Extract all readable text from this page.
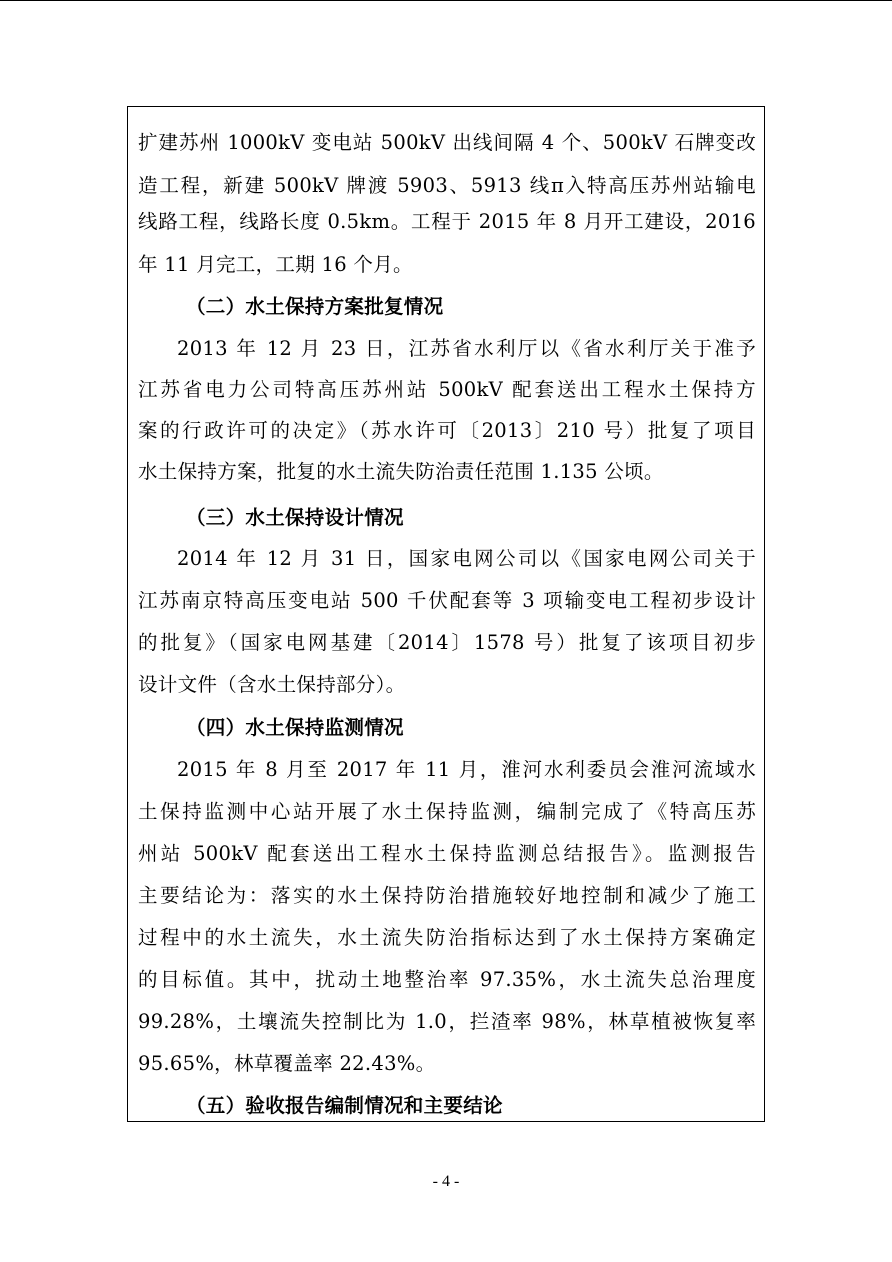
扩建苏州 1000kV 变电站 500kV 出线间隔 4 个、500kV 石牌变改
造工程，新建 500kV 牌渡 5903、5913 线π入特高压苏州站输电
线路工程，线路长度 0.5km。工程于 2015 年 8 月开工建设，2016
年 11 月完工，工期 16 个月。
（二）水土保持方案批复情况
2013 年 12 月 23 日，江苏省水利厅以《省水利厅关于准予
江苏省电力公司特高压苏州站 500kV 配套送出工程水土保持方
案的行政许可的决定》（苏水许可〔2013〕210 号）批复了项目
水土保持方案，批复的水土流失防治责任范围 1.135 公顷。
（三）水土保持设计情况
2014 年 12 月 31 日，国家电网公司以《国家电网公司关于
江苏南京特高压变电站 500 千伏配套等 3 项输变电工程初步设计
的批复》（国家电网基建〔2014〕1578 号）批复了该项目初步
设计文件（含水土保持部分）。
（四）水土保持监测情况
2015 年 8 月至 2017 年 11 月，淮河水利委员会淮河流域水
土保持监测中心站开展了水土保持监测，编制完成了《特高压苏
州站 500kV 配套送出工程水土保持监测总结报告》。监测报告
主要结论为：落实的水土保持防治措施较好地控制和减少了施工
过程中的水土流失，水土流失防治指标达到了水土保持方案确定
的目标值。其中，扰动土地整治率 97.35%，水土流失总治理度
99.28%，土壤流失控制比为 1.0，拦渣率 98%，林草植被恢复率
95.65%，林草覆盖率 22.43%。
（五）验收报告编制情况和主要结论
- 4 -
